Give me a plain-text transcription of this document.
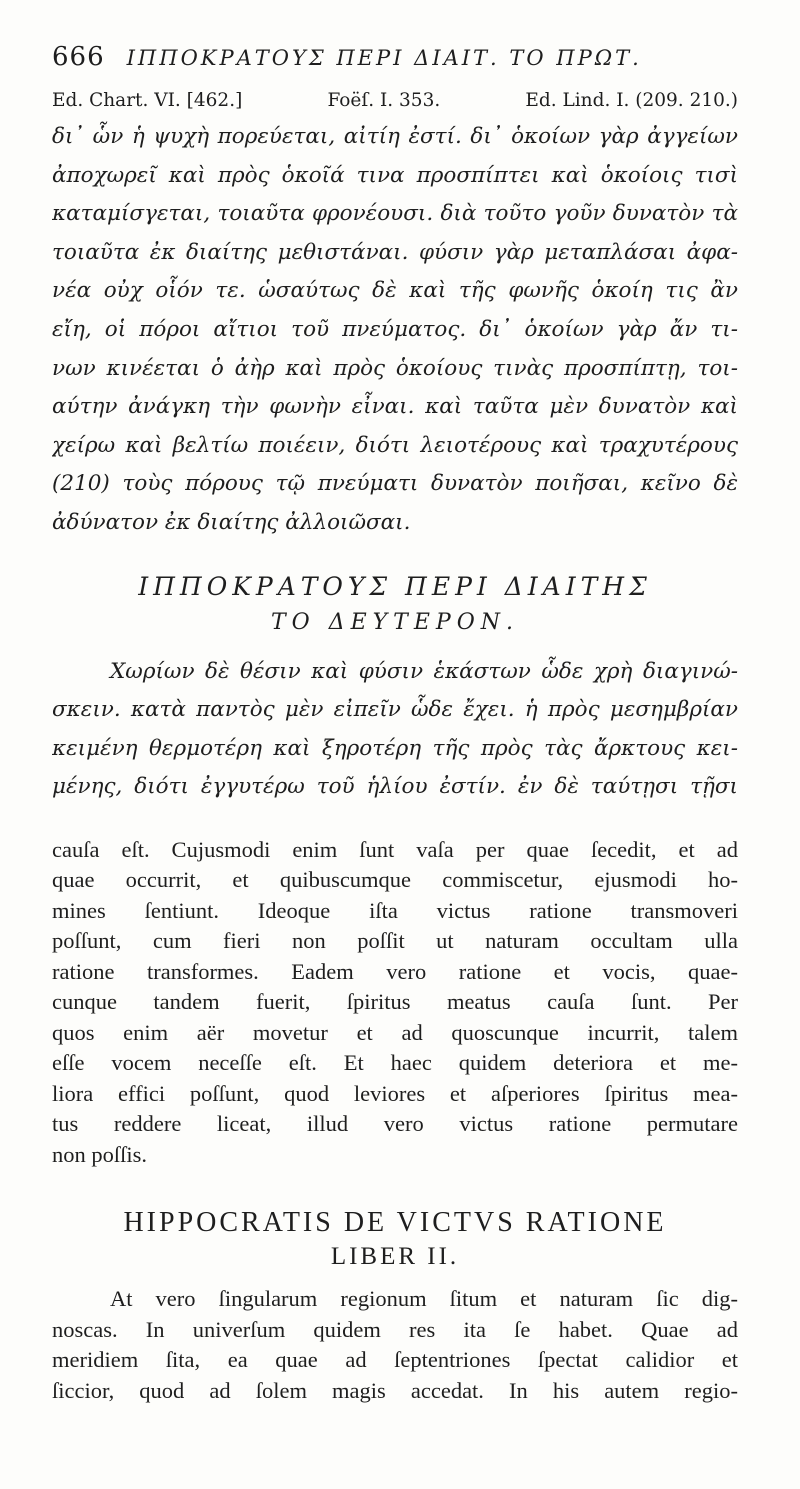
666 ΙΠΠΟΚΡΑΤΟΥΣ ΠΕΡΙ ΔΙΑΙΤ. ΤΟ ΠΡΩΤ.
Ed. Chart. VI. [462.]	Foëſ. I. 353.	Ed. Lind. I. (209. 210.)
δι᾽ ὧν ἡ ψυχὴ πορεύεται, αἰτίη ἐστί. δι᾽ ὁκοίων γὰρ ἀγγείων
ἀποχωρεῖ καὶ πρὸς ὁκοῖά τινα προσπίπτει καὶ ὁκοίοις τισὶ
καταμίσγεται, τοιαῦτα φρονέουσι. διὰ τοῦτο γοῦν δυνατὸν τὰ
τοιαῦτα ἐκ διαίτης μεθιστάναι. φύσιν γὰρ μεταπλάσαι ἀφα-
νέα οὐχ οἷόν τε. ὡσαύτως δὲ καὶ τῆς φωνῆς ὁκοίη τις ἂν
εἴη, οἱ πόροι αἴτιοι τοῦ πνεύματος. δι᾽ ὁκοίων γὰρ ἄν τι-
νων κινέεται ὁ ἀὴρ καὶ πρὸς ὁκοίους τινὰς προσπίπτῃ, τοι-
αύτην ἀνάγκη τὴν φωνὴν εἶναι. καὶ ταῦτα μὲν δυνατὸν καὶ
χείρω καὶ βελτίω ποιέειν, διότι λειοτέρους καὶ τραχυτέρους
(210) τοὺς πόρους τῷ πνεύματι δυνατὸν ποιῆσαι, κεῖνο δὲ
ἀδύνατον ἐκ διαίτης ἀλλοιῶσαι.
ΙΠΠΟΚΡΑΤΟΥΣ ΠΕΡΙ ΔΙΑΙΤΗΣ
ΤΟ ΔΕΥΤΕΡΟΝ.
Χωρίων δὲ θέσιν καὶ φύσιν ἑκάστων ὧδε χρὴ διαγινώ-
σκειν. κατὰ παντὸς μὲν εἰπεῖν ὧδε ἔχει. ἡ πρὸς μεσημβρίαν
κειμένη θερμοτέρη καὶ ξηροτέρη τῆς πρὸς τὰς ἄρκτους κει-
μένης, διότι ἐγγυτέρω τοῦ ἡλίου ἐστίν. ἐν δὲ ταύτῃσι τῇσι
cauſa eſt. Cujusmodi enim ſunt vaſa per quae ſecedit, et ad
quae occurrit, et quibuscumque commiscetur, ejusmodi ho-
mines ſentiunt. Ideoque iſta victus ratione transmoveri
poſſunt, cum fieri non poſſit ut naturam occultam ulla
ratione transformes. Eadem vero ratione et vocis, quae-
cunque tandem fuerit, ſpiritus meatus cauſa ſunt. Per
quos enim aër movetur et ad quoscunque incurrit, talem
eſſe vocem neceſſe eſt. Et haec quidem deteriora et me-
liora effici poſſunt, quod leviores et aſperiores ſpiritus mea-
tus reddere liceat, illud vero victus ratione permutare
non poſſis.
HIPPOCRATIS DE VICTVS RATIONE
LIBER II.
At vero ſingularum regionum ſitum et naturam ſic dig-
noscas. In univerſum quidem res ita ſe habet. Quae ad
meridiem ſita, ea quae ad ſeptentriones ſpectat calidior et
ſiccior, quod ad ſolem magis accedat. In his autem regio-
